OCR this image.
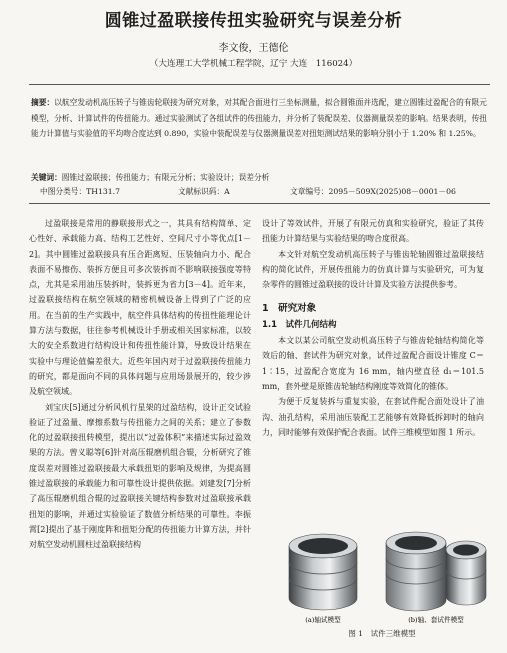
圆锥过盈联接传扭实验研究与误差分析
李文俊，王德伦
（大连理工大学机械工程学院，辽宁 大连　116024）
摘要：以航空发动机高压转子与锥齿轮联接为研究对象，对其配合面进行三坐标测量，拟合圆锥面并选配，建立圆锥过盈配合的有限元模型，分析、计算试件的传扭能力。通过实验测试了各组试件的传扭能力，并分析了装配误差、仪器测量误差的影响。结果表明，传扭能力计算值与实验值的平均吻合度达到 0.890，实验中装配误差与仪器测量误差对扭矩测试结果的影响分别小于 1.20% 和 1.25%。
关键词：圆锥过盈联接；传扭能力；有限元分析；实验设计；误差分析
中图分类号：TH131.7	文献标识码：A	文章编号：2095－509X(2025)08－0001－06

过盈联接是常用的静联接形式之一，其具有结构简单、定心性好、承载能力高、结构工艺性好、空间尺寸小等优点[1－2]。其中圆锥过盈联接具有压合距离短、压装轴向力小、配合表面不易擦伤、装拆方便且可多次装拆而不影响联接强度等特点，尤其是采用油压装拆时，装拆更为省力[3－4]。近年来，过盈联接结构在航空领域的精密机械设备上得到了广泛的应用。在当前的生产实践中，航空件具体结构的传扭性能理论计算方法与数据，往往参考机械设计手册或相关国家标准，以较大的安全系数进行结构设计和传扭性能计算，导致设计结果在实验中与理论值偏差很大。近些年国内对于过盈联接传扭能力的研究，都是面向不同的具体问题与应用场景展开的，较少涉及航空领域。

刘宝庆[5]通过分析风机行星架的过盈结构，设计正交试验验证了过盈量、摩擦系数与传扭能力之间的关系；建立了参数化的过盈联接扭转模型，提出以“过盈体积”来描述实际过盈效果的方法。曾义聪等[6]针对高压辊磨机组合辊，分析研究了锥度误差对圆锥过盈联接最大承载扭矩的影响及规律，为提高圆锥过盈联接的承载能力和可靠性设计提供依据。刘建发[7]分析了高压辊磨机组合辊的过盈联接关键结构参数对过盈联接承载扭矩的影响，并通过实验验证了数值分析结果的可靠性。李振霄[2]提出了基于刚度阵和扭矩分配的传扭能力计算方法，并针对航空发动机圆柱过盈联接结构

设计了等效试件，开展了有限元仿真和实验研究，验证了其传扭能力计算结果与实验结果的吻合度很高。

本文针对航空发动机高压转子与锥齿轮轴圆锥过盈联接结构的简化试件，开展传扭能力的仿真计算与实验研究，可为复杂零件的圆锥过盈联接的设计计算及实验方法提供参考。

1　研究对象
1.1　试件几何结构

本文以某公司航空发动机高压转子与锥齿轮轴结构简化等效后的轴、套试件为研究对象，试件过盈配合面设计锥度 C＝1∶15，过盈配合宽度为 16 mm，轴内壁直径 d₁＝101.5 mm，套外壁是原锥齿轮轴结构刚度等效简化的锥体。

为便于反复装拆与重复实验，在套试件配合面处设计了油沟、油孔结构，采用油压装配工艺能够有效降低拆卸时的轴向力，同时能够有效保护配合表面。试件三维模型如图 1 所示。

(a)轴试模型	(b)轴、套试件模型
图 1　试件三维模型
